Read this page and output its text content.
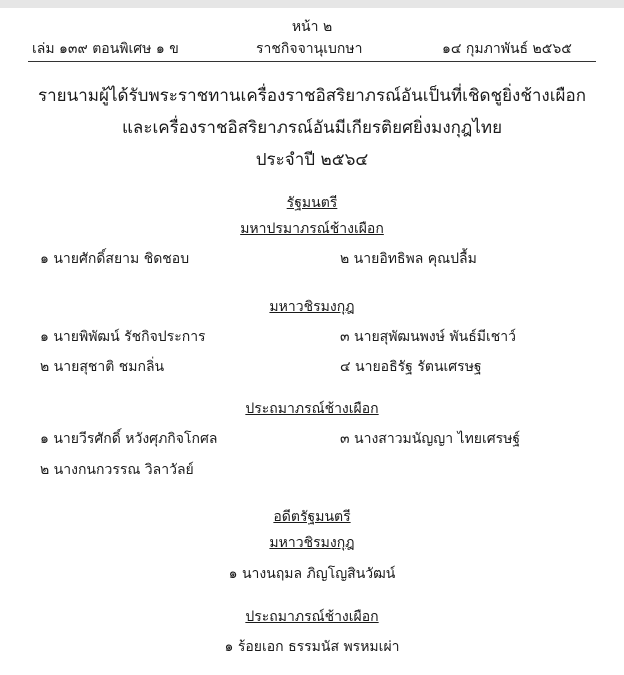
หน้า ๒
เล่ม ๑๓๙ ตอนพิเศษ ๑ ข	ราชกิจจานุเบกษา	๑๔ กุมภาพันธ์ ๒๕๖๕
รายนามผู้ได้รับพระราชทานเครื่องราชอิสริยาภรณ์อันเป็นที่เชิดชูยิ่งช้างเผือก
และเครื่องราชอิสริยาภรณ์อันมีเกียรติยศยิ่งมงกุฎไทย
ประจำปี ๒๕๖๔
รัฐมนตรี
มหาปรมาภรณ์ช้างเผือก
๑ นายศักดิ์สยาม ชิดชอบ	๒ นายอิทธิพล คุณปลื้ม
มหาวชิรมงกุฎ
๑ นายพิพัฒน์ รัชกิจประการ	๓ นายสุพัฒนพงษ์ พันธ์มีเชาว์
๒ นายสุชาติ ชมกลิ่น	๔ นายอธิรัฐ รัตนเศรษฐ
ประถมาภรณ์ช้างเผือก
๑ นายวีรศักดิ์ หวังศุภกิจโกศล	๓ นางสาวมนัญญา ไทยเศรษฐ์
๒ นางกนกวรรณ วิลาวัลย์
อดีตรัฐมนตรี
มหาวชิรมงกุฎ
๑ นางนฤมล ภิญโญสินวัฒน์
ประถมาภรณ์ช้างเผือก
๑ ร้อยเอก ธรรมนัส พรหมเผ่า
